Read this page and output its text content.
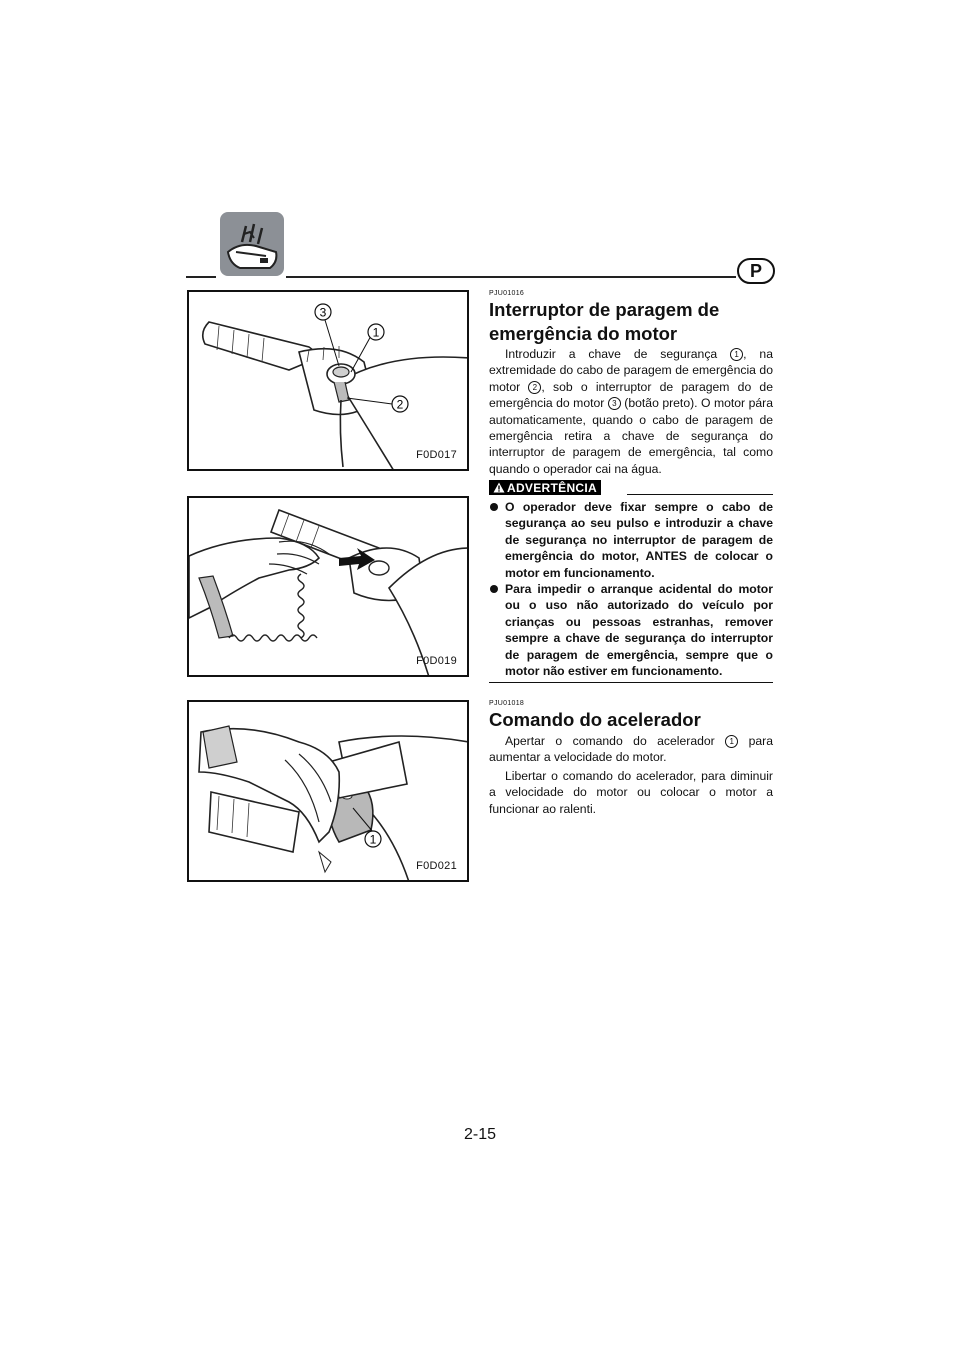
P
3
1
2
F0D017
F0D019
1
F0D021
PJU01016
Interruptor de paragem de emergência do motor

Introduzir a chave de segurança 1 , na extremidade do cabo de paragem de emergência do motor 2 , sob o interruptor de paragem do de emergência do motor 3 (botão preto). O motor pára automaticamente, quando o cabo de paragem de emergência retira a chave de segurança do interruptor de paragem de emergência, tal como quando o operador cai na água.

ADVERTÊNCIA
O operador deve fixar sempre o cabo de segurança ao seu pulso e introduzir a chave de segurança no interruptor de paragem de emergência do motor, ANTES de colocar o motor em funcionamento.
Para impedir o arranque acidental do motor ou o uso não autorizado do veículo por crianças ou pessoas estranhas, remover sempre a chave de segurança do interruptor de paragem de emergência, sempre que o motor não estiver em funcionamento.
PJU01018
Comando do acelerador

Apertar o comando do acelerador 1 para aumentar a velocidade do motor.

Libertar o comando do acelerador, para diminuir a velocidade do motor ou colocar o motor a funcionar ao ralenti.

2-15
